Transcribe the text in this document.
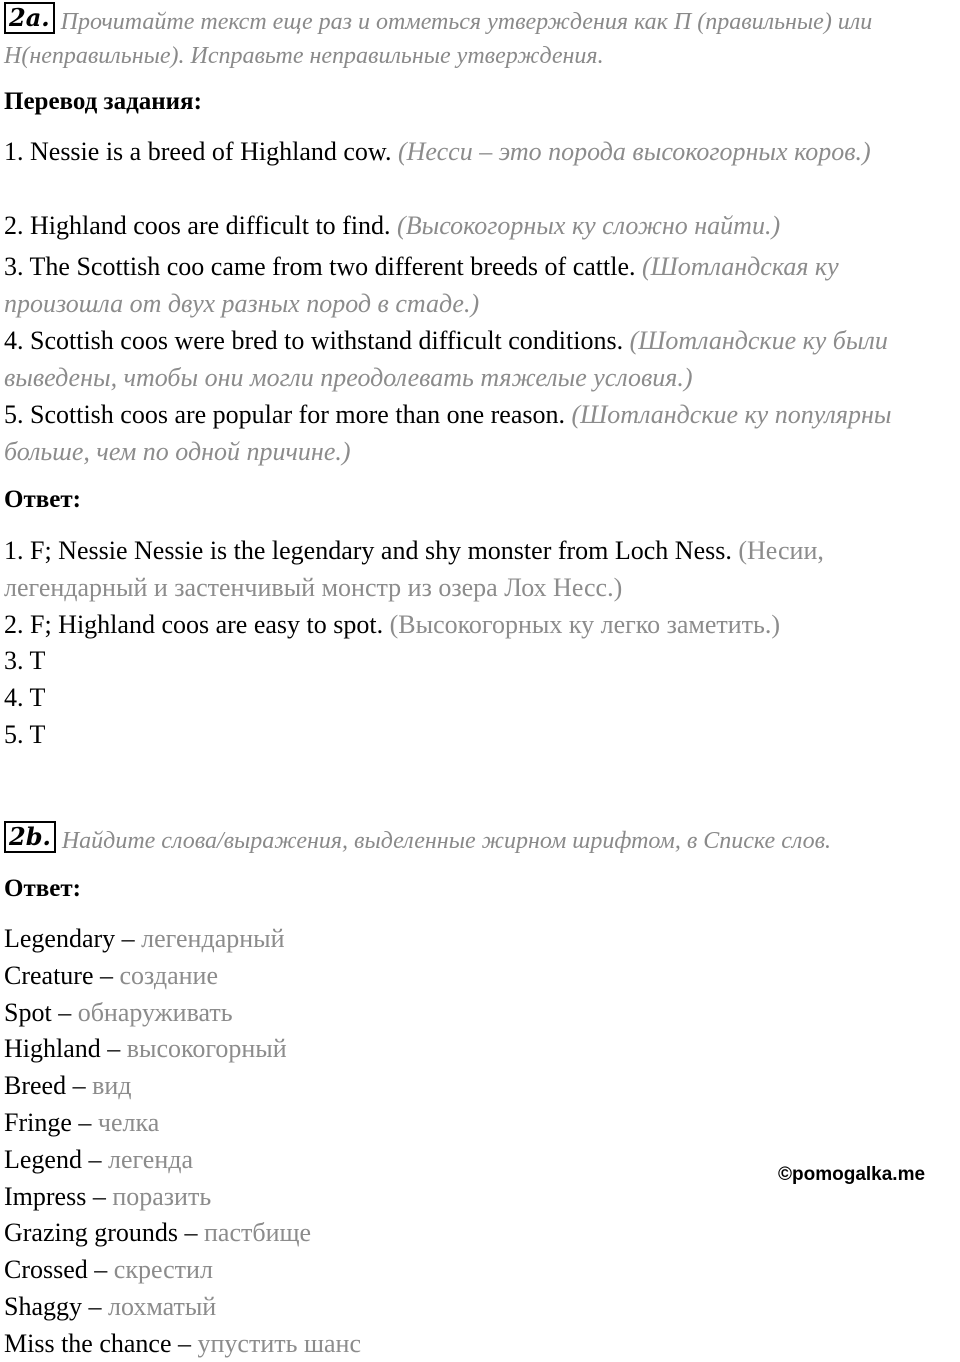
2a. Прочитайте текст еще раз и отметься утверждения как П (правильные) или Н(неправильные). Исправьте неправильные утверждения.
Перевод задания:
1. Nessie is a breed of Highland cow. (Несси – это порода высокогорных коров.)
2. Highland coos are difficult to find. (Высокогорных ку сложно найти.)
3. The Scottish coo came from two different breeds of cattle. (Шотландская ку произошла от двух разных пород в стаде.)
4. Scottish coos were bred to withstand difficult conditions. (Шотландские ку были выведены, чтобы они могли преодолевать тяжелые условия.)
5. Scottish coos are popular for more than one reason. (Шотландские ку популярны больше, чем по одной причине.)
Ответ:
1. F; Nessie Nessie is the legendary and shy monster from Loch Ness. (Несии, легендарный и застенчивый монстр из озера Лох Несс.)
2. F; Highland coos are easy to spot. (Высокогорных ку легко заметить.)
3. T
4. T
5. T
2b. Найдите слова/выражения, выделенные жирном шрифтом, в Списке слов.
Ответ:
Legendary – легендарный
Creature – создание
Spot – обнаруживать
Highland – высокогорный
Breed – вид
Fringe – челка
Legend – легенда
Impress – поразить
Grazing grounds – пастбище
Crossed – скрестил
Shaggy – лохматый
Miss the chance – упустить шанс
©pomogalka.me
